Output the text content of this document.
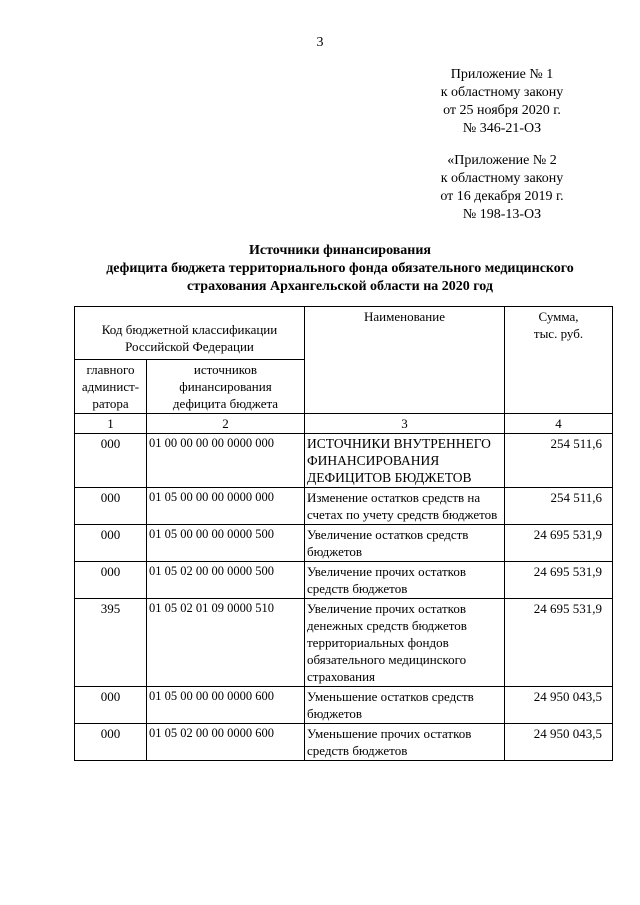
3
Приложение № 1
к областному закону
от 25 ноября 2020 г.
№ 346-21-ОЗ
«Приложение № 2
к областному закону
от 16 декабря 2019 г.
№ 198-13-ОЗ
Источники финансирования
дефицита бюджета территориального фонда обязательного медицинского
страхования Архангельской области на 2020 год
Код бюджетной классификации Российской Федерации		Наименование	Сумма, тыс. руб.
главного админист-ратора	источников финансирования дефицита бюджета		
1	2	3	4
000	01 00 00 00 00 0000 000	ИСТОЧНИКИ ВНУТРЕННЕГО ФИНАНСИРОВАНИЯ ДЕФИЦИТОВ БЮДЖЕТОВ	254 511,6
000	01 05 00 00 00 0000 000	Изменение остатков средств на счетах по учету средств бюджетов	254 511,6
000	01 05 00 00 00 0000 500	Увеличение остатков средств бюджетов	24 695 531,9
000	01 05 02 00 00 0000 500	Увеличение прочих остатков средств бюджетов	24 695 531,9
395	01 05 02 01 09 0000 510	Увеличение прочих остатков денежных средств бюджетов территориальных фондов обязательного медицинского страхования	24 695 531,9
000	01 05 00 00 00 0000 600	Уменьшение остатков средств бюджетов	24 950 043,5
000	01 05 02 00 00 0000 600	Уменьшение прочих остатков средств бюджетов	24 950 043,5
